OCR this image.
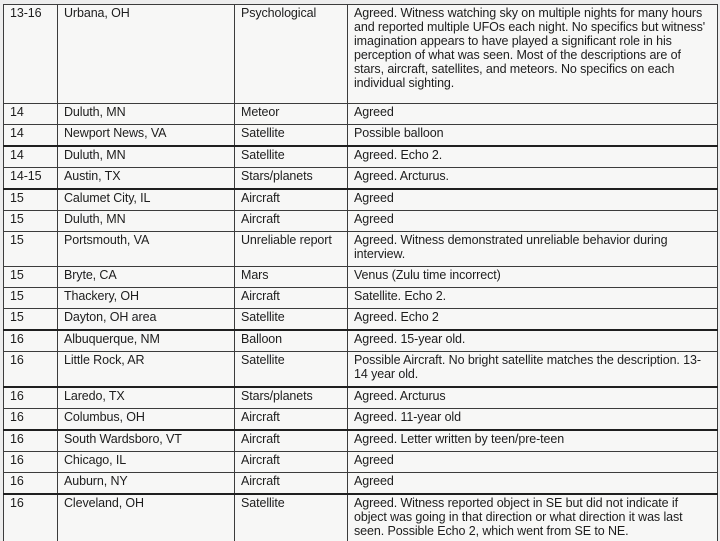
13-16	Urbana, OH	Psychological	Agreed. Witness watching sky on multiple nights for many hours and reported multiple UFOs each night. No specifics but witness' imagination appears to have played a significant role in his perception of what was seen. Most of the descriptions are of stars, aircraft, satellites, and meteors. No specifics on each individual sighting.
14	Duluth, MN	Meteor	Agreed
14	Newport News, VA	Satellite	Possible balloon
14	Duluth, MN	Satellite	Agreed. Echo 2.
14-15	Austin, TX	Stars/planets	Agreed. Arcturus.
15	Calumet City, IL	Aircraft	Agreed
15	Duluth, MN	Aircraft	Agreed
15	Portsmouth, VA	Unreliable report	Agreed. Witness demonstrated unreliable behavior during interview.
15	Bryte, CA	Mars	Venus (Zulu time incorrect)
15	Thackery, OH	Aircraft	Satellite. Echo 2.
15	Dayton, OH area	Satellite	Agreed. Echo 2
16	Albuquerque, NM	Balloon	Agreed. 15-year old.
16	Little Rock, AR	Satellite	Possible Aircraft. No bright satellite matches the description. 13-14 year old.
16	Laredo, TX	Stars/planets	Agreed. Arcturus
16	Columbus, OH	Aircraft	Agreed. 11-year old
16	South Wardsboro, VT	Aircraft	Agreed. Letter written by teen/pre-teen
16	Chicago, IL	Aircraft	Agreed
16	Auburn, NY	Aircraft	Agreed
16	Cleveland, OH	Satellite	Agreed. Witness reported object in SE but did not indicate if object was going in that direction or what direction it was last seen. Possible Echo 2, which went from SE to NE.
